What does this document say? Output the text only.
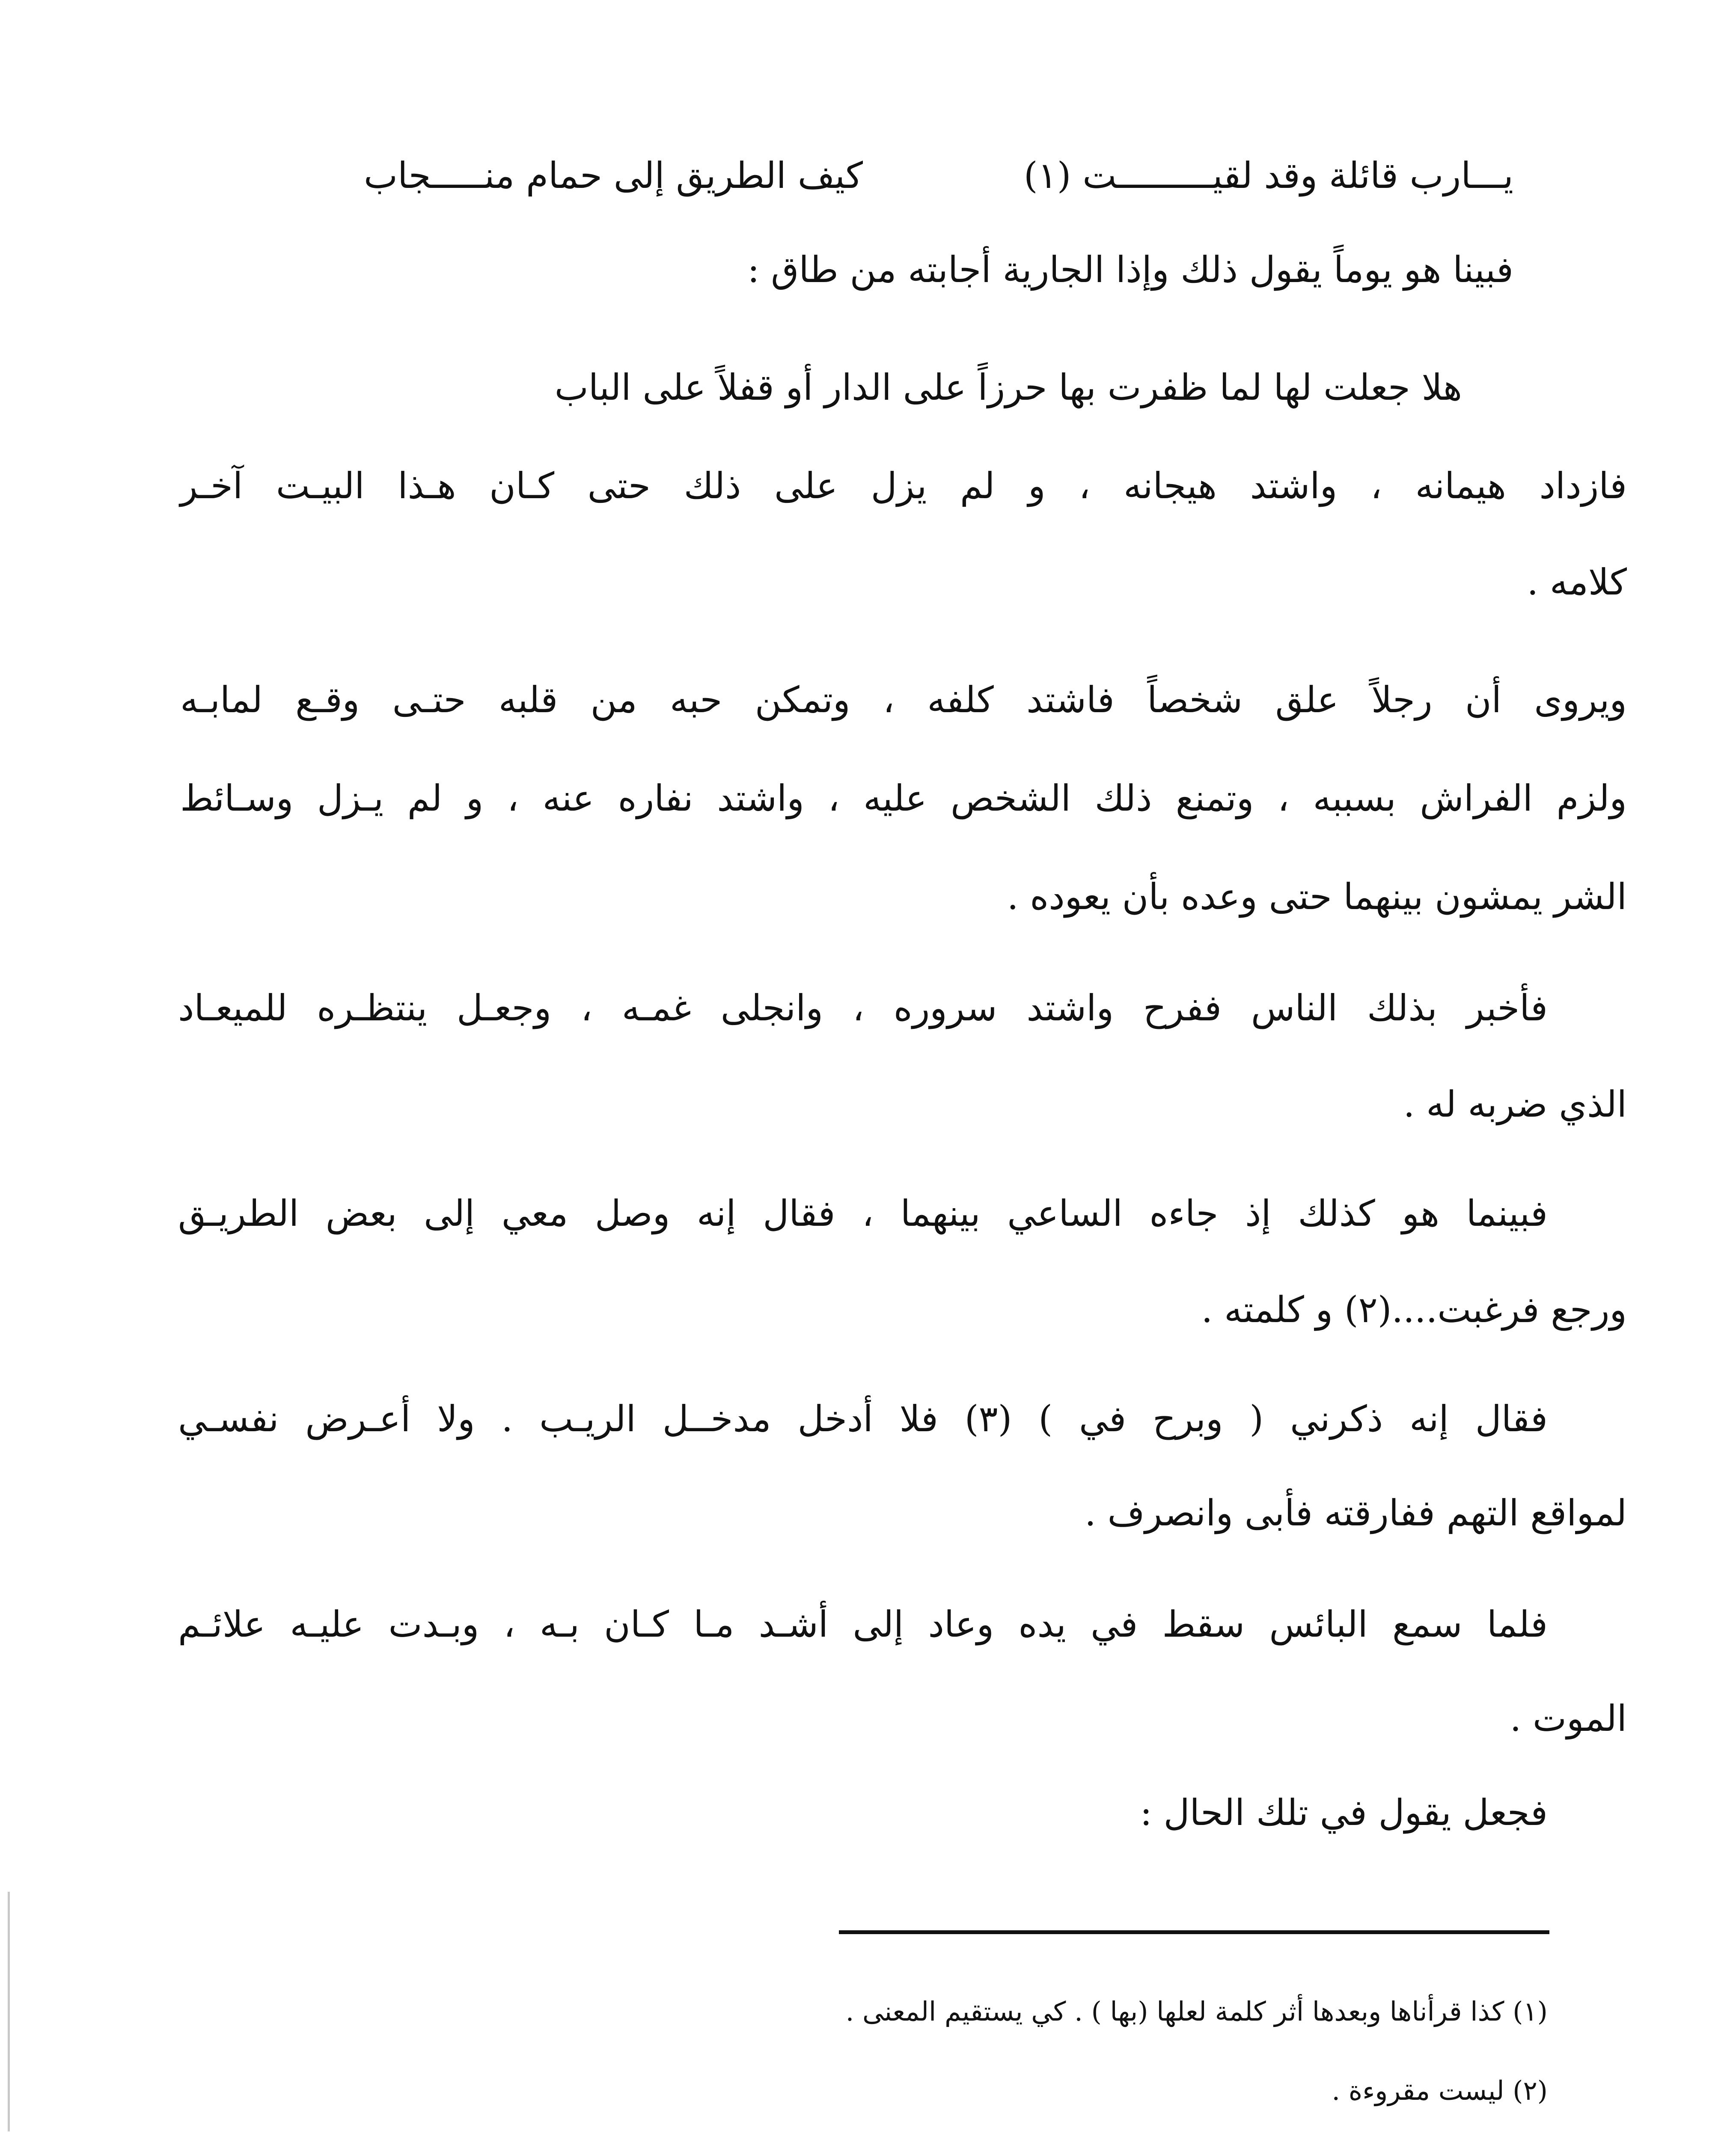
يـــارب قائلة وقد لقيـــــــــت (١)
كيف الطريق إلى حمام منـــــجاب
فبينا هو يوماً يقول ذلك وإذا الجارية أجابته من طاق :
هلا جعلت لها لما ظفرت بها حرزاً على الدار أو قفلاً على الباب
فازداد هيمانه ، واشتد هيجانه ، و لم يزل على ذلك حتى كـان هـذا البيـت آخـر
كلامه .
ويروى أن رجلاً علق شخصاً فاشتد كلفه ، وتمكن حبه من قلبه حتـى وقـع لمابـه
ولزم الفراش بسببه ، وتمنع ذلك الشخص عليه ، واشتد نفاره عنه ، و لم يـزل وسـائط
الشر يمشون بينهما حتى وعده بأن يعوده .
فأخبر بذلك الناس ففرح واشتد سروره ، وانجلى غمـه ، وجعـل ينتظـره للميعـاد
الذي ضربه له .
فبينما هو كذلك إذ جاءه الساعي بينهما ، فقال إنه وصل معي إلى بعض الطريـق
ورجع فرغبت....(٢) و كلمته .
فقال إنه ذكرني ( وبرح في ) (٣) فلا أدخل مدخــل الريـب . ولا أعـرض نفسـي
لمواقع التهم ففارقته فأبى وانصرف .
فلما سمع البائس سقط في يده وعاد إلى أشـد مـا كـان بـه ، وبـدت عليـه علائـم
الموت .
فجعل يقول في تلك الحال :
(١) كذا قرأناها وبعدها أثر كلمة لعلها (بها ) . كي يستقيم المعنى .
(٢) ليست مقروءة .
